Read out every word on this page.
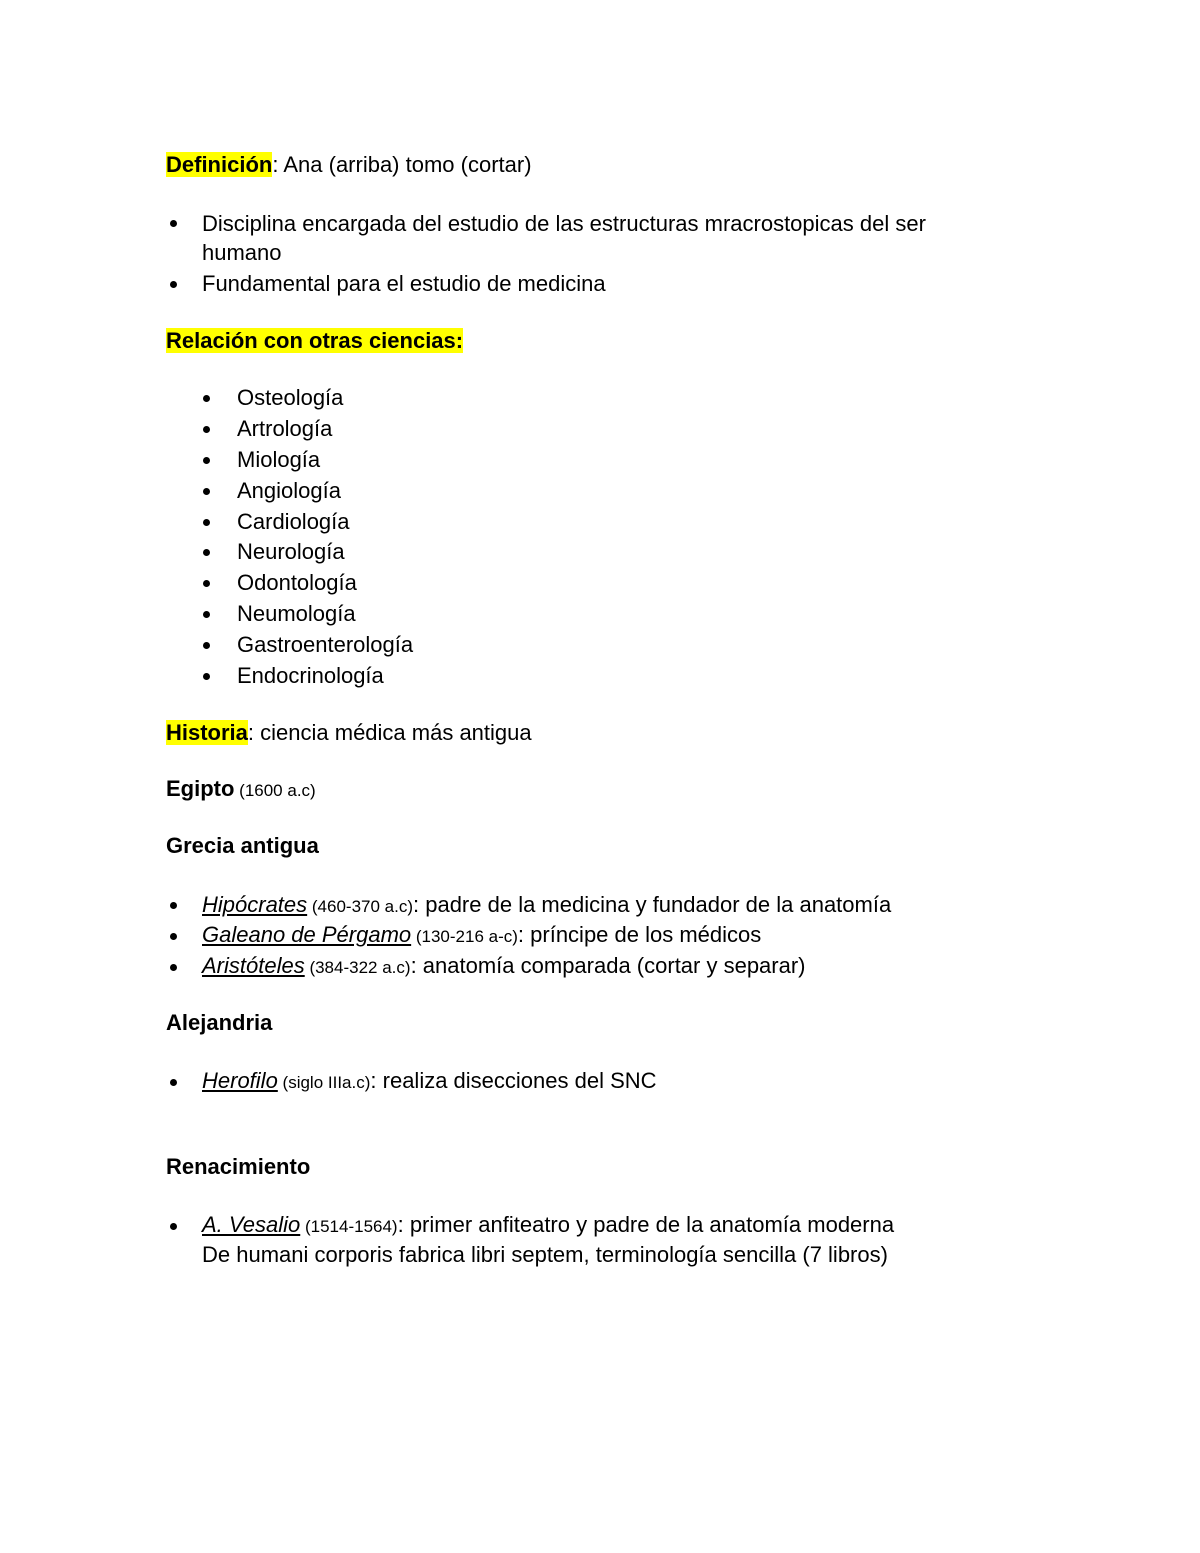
Definición: Ana (arriba) tomo (cortar)
Disciplina encargada del estudio de las estructuras mracrostopicas del ser
humano
Fundamental para el estudio de medicina
Relación con otras ciencias:
Osteología
Artrología
Miología
Angiología
Cardiología
Neurología
Odontología
Neumología
Gastroenterología
Endocrinología
Historia: ciencia médica más antigua
Egipto (1600 a.c)
Grecia antigua
Hipócrates (460-370 a.c): padre de la medicina y fundador de la anatomía
Galeano de Pérgamo (130-216 a-c): príncipe de los médicos
Aristóteles (384-322 a.c): anatomía comparada (cortar y separar)
Alejandria
Herofilo (siglo IIIa.c): realiza disecciones del SNC
Renacimiento
A. Vesalio (1514-1564): primer anfiteatro y padre de la anatomía moderna
De humani corporis fabrica libri septem, terminología sencilla (7 libros)
